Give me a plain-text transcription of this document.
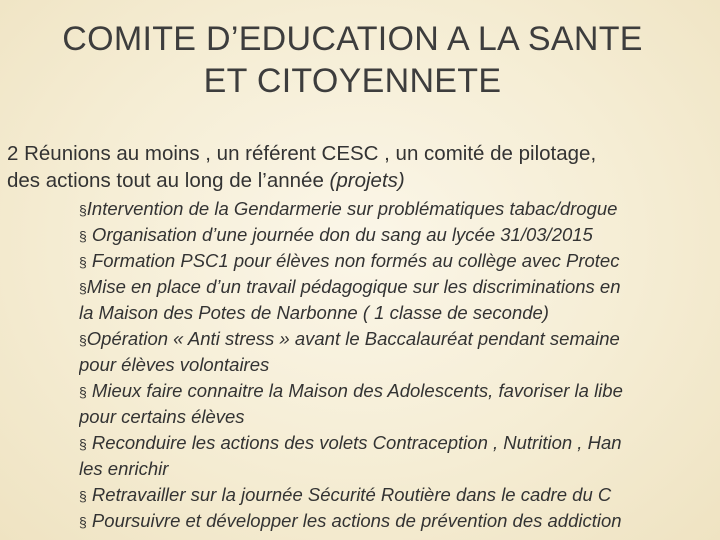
COMITE D’EDUCATION A LA SANTE
ET CITOYENNETE

2 Réunions au moins , un référent CESC , un comité de pilotage,
des actions tout au long de l’année (projets)

§Intervention de la Gendarmerie sur problématiques tabac/drogue
§ Organisation d’une journée don du sang au lycée 31/03/2015
§ Formation PSC1 pour élèves non formés au collège avec Protec
§Mise en place d’un travail pédagogique sur les discriminations en
la Maison des Potes de Narbonne ( 1 classe de seconde)
§Opération « Anti stress » avant le Baccalauréat pendant semaine
pour élèves volontaires
§ Mieux faire connaitre la Maison des Adolescents, favoriser la libe
pour certains élèves
§ Reconduire les actions des volets Contraception , Nutrition , Han
les enrichir
§ Retravailler sur la journée Sécurité Routière dans le cadre du C
§ Poursuivre et développer les actions de prévention des addiction
